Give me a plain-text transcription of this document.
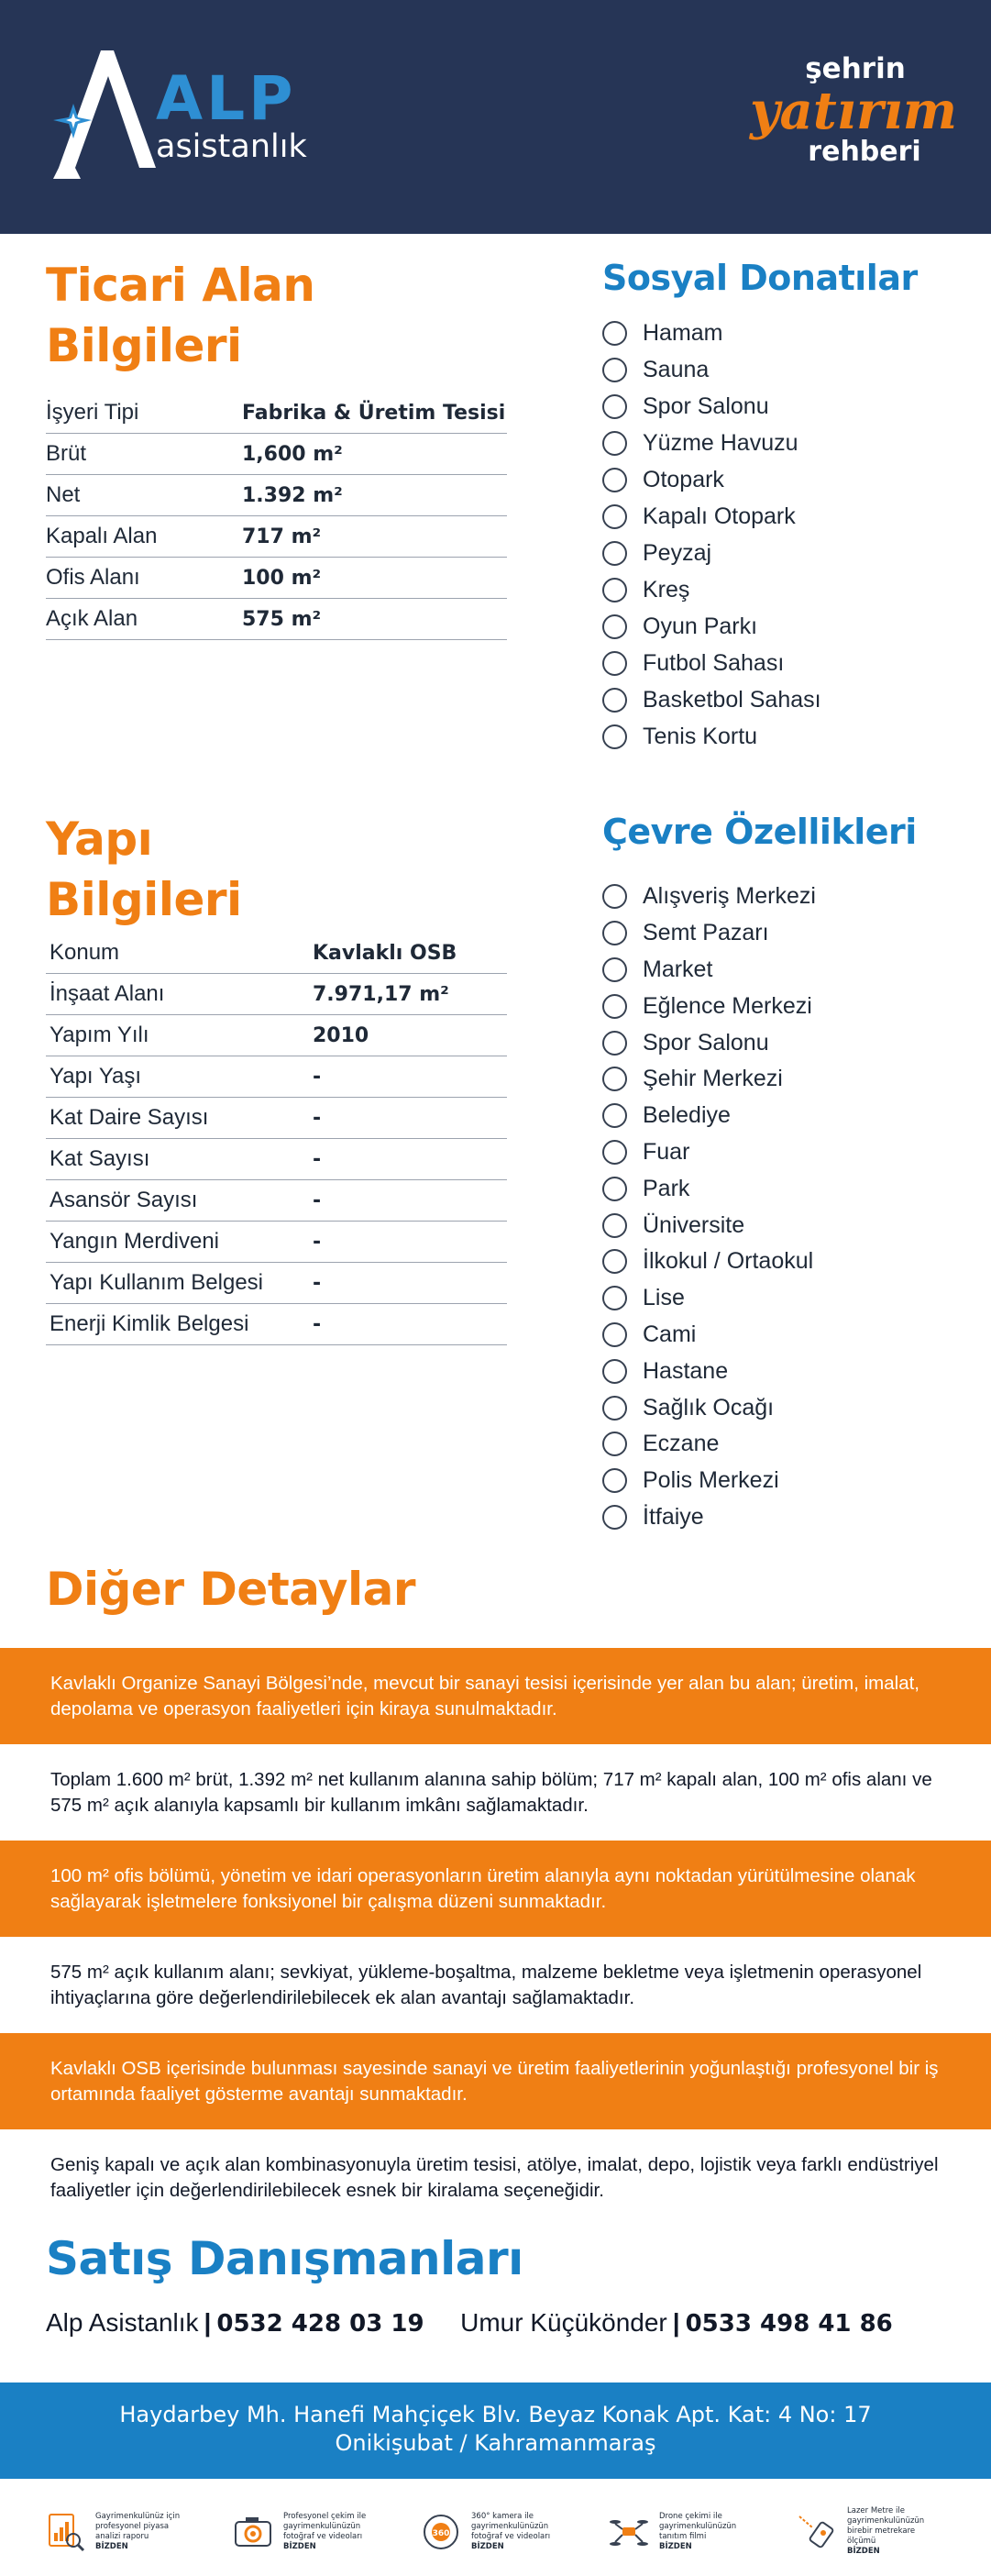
ALP
asistanlık
şehrin
yatırım
rehberi
Ticari Alan
Bilgileri
İşyeri Tipi	Fabrika & Üretim Tesisi
Brüt	1,600 m²
Net	1.392 m²
Kapalı Alan	717 m²
Ofis Alanı	100 m²
Açık Alan	575 m²
Sosyal Donatılar
Hamam
Sauna
Spor Salonu
Yüzme Havuzu
Otopark
Kapalı Otopark
Peyzaj
Kreş
Oyun Parkı
Futbol Sahası
Basketbol Sahası
Tenis Kortu
Yapı
Bilgileri
Konum	Kavlaklı OSB
İnşaat Alanı	7.971,17 m²
Yapım Yılı	2010
Yapı Yaşı	-
Kat Daire Sayısı	-
Kat Sayısı	-
Asansör Sayısı	-
Yangın Merdiveni	-
Yapı Kullanım Belgesi	-
Enerji Kimlik Belgesi	-
Çevre Özellikleri
Alışveriş Merkezi
Semt Pazarı
Market
Eğlence Merkezi
Spor Salonu
Şehir Merkezi
Belediye
Fuar
Park
Üniversite
İlkokul / Ortaokul
Lise
Cami
Hastane
Sağlık Ocağı
Eczane
Polis Merkezi
İtfaiye
Diğer Detaylar

Kavlaklı Organize Sanayi Bölgesi’nde, mevcut bir sanayi tesisi içerisinde yer alan bu alan; üretim, imalat, depolama ve operasyon faaliyetleri için kiraya sunulmaktadır.

Toplam 1.600 m² brüt, 1.392 m² net kullanım alanına sahip bölüm; 717 m² kapalı alan, 100 m² ofis alanı ve 575 m² açık alanıyla kapsamlı bir kullanım imkânı sağlamaktadır.

100 m² ofis bölümü, yönetim ve idari operasyonların üretim alanıyla aynı noktadan yürütülmesine olanak sağlayarak işletmelere fonksiyonel bir çalışma düzeni sunmaktadır.

575 m² açık kullanım alanı; sevkiyat, yükleme-boşaltma, malzeme bekletme veya işletmenin operasyonel ihtiyaçlarına göre değerlendirilebilecek ek alan avantajı sağlamaktadır.

Kavlaklı OSB içerisinde bulunması sayesinde sanayi ve üretim faaliyetlerinin yoğunlaştığı profesyonel bir iş ortamında faaliyet gösterme avantajı sunmaktadır.

Geniş kapalı ve açık alan kombinasyonuyla üretim tesisi, atölye, imalat, depo, lojistik veya farklı endüstriyel faaliyetler için değerlendirilebilecek esnek bir kiralama seçeneğidir.

Satış Danışmanları
Alp Asistanlık | 0532 428 03 19 Umur Küçükönder | 0533 498 41 86
Haydarbey Mh. Hanefi Mahçiçek Blv. Beyaz Konak Apt. Kat: 4 No: 17
Onikişubat / Kahramanmaraş
Gayrimenkulünüz için
profesyonel piyasa
analizi raporu
BİZDEN
Profesyonel çekim ile
gayrimenkulünüzün
fotoğraf ve videoları
BİZDEN
360
360° kamera ile
gayrimenkulünüzün
fotoğraf ve videoları
BİZDEN
Drone çekimi ile
gayrimenkulünüzün
tanıtım filmi
BİZDEN
Lazer Metre ile
gayrimenkulünüzün
birebir metrekare
ölçümü
BİZDEN
